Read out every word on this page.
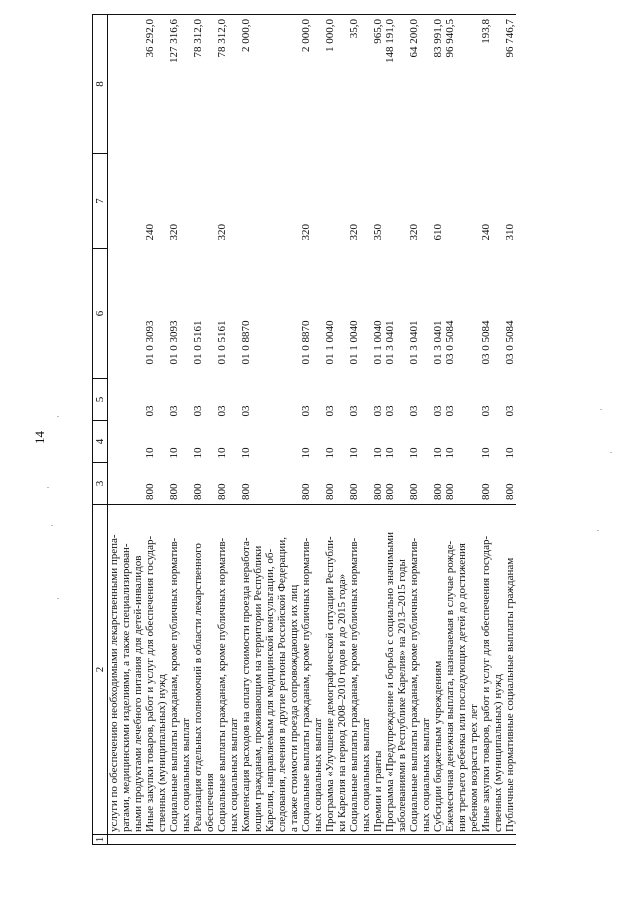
14
1	2	3	4	5	6	7	8
	услуги по обеспечению необходимыми лекарственными препа-
ратами, медицинскими изделиями, а также специализирован-
ными продуктами лечебного питания для детей-инвалидов						
	Иные закупки товаров, работ и услуг для обеспечения государ-
ственных (муниципальных) нужд	800	10	03	01 0 3093	240	36 292,0
	Социальные выплаты гражданам, кроме публичных норматив-
ных социальных выплат	800	10	03	01 0 3093	320	127 316,6
	Реализация отдельных полномочий в области лекарственного
обеспечения	800	10	03	01 0 5161		78 312,0
	Социальные выплаты гражданам, кроме публичных норматив-
ных социальных выплат	800	10	03	01 0 5161	320	78 312,0
	Компенсация расходов на оплату стоимости проезда неработа-
ющим гражданам, проживающим на территории Республики
Карелия, направляемым для медицинской консультации, об-
следования, лечения в другие регионы Российской Федерации,
а также стоимости проезда сопровождающих их лиц	800	10	03	01 0 8870		2 000,0
	Социальные выплаты гражданам, кроме публичных норматив-
ных социальных выплат	800	10	03	01 0 8870	320	2 000,0
	Программа «Улучшение демографической ситуации Республи-
ки Карелия на период 2008–2010 годов и до 2015 года»	800	10	03	01 1 0040		1 000,0
	Социальные выплаты гражданам, кроме публичных норматив-
ных социальных выплат	800	10	03	01 1 0040	320	35,0
	Премии и гранты	800	10	03	01 1 0040	350	965,0
	Программа «Предупреждение и борьба с социально значимыми
заболеваниями в Республике Карелия» на 2013–2015 годы	800	10	03	01 3 0401		148 191,0
	Социальные выплаты гражданам, кроме публичных норматив-
ных социальных выплат	800	10	03	01 3 0401	320	64 200,0
	Субсидии бюджетным учреждениям	800	10	03	01 3 0401	610	83 991,0
	Ежемесячная денежная выплата, назначаемая в случае рожде-
ния третьего ребенка или последующих детей до достижения
ребенком возраста трех лет	800	10	03	03 0 5084		96 940,5
	Иные закупки товаров, работ и услуг для обеспечения государ-
ственных (муниципальных) нужд	800	10	03	03 0 5084	240	193,8
	Публичные нормативные социальные выплаты гражданам	800	10	03	03 0 5084	310	96 746,7
